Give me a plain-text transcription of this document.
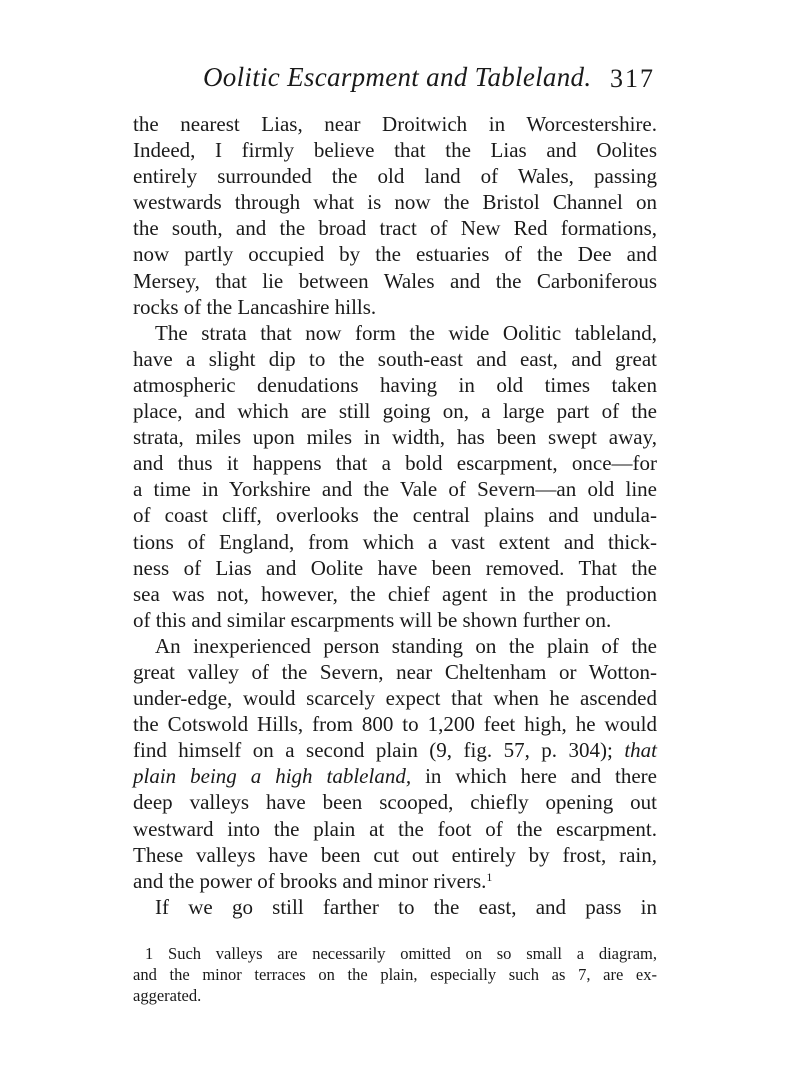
Oolitic Escarpment and Tableland. 317
the nearest Lias, near Droitwich in Worcestershire.
Indeed, I firmly believe that the Lias and Oolites
entirely surrounded the old land of Wales, passing
westwards through what is now the Bristol Channel on
the south, and the broad tract of New Red formations,
now partly occupied by the estuaries of the Dee and
Mersey, that lie between Wales and the Carboniferous
rocks of the Lancashire hills.
The strata that now form the wide Oolitic tableland,
have a slight dip to the south-east and east, and great
atmospheric denudations having in old times taken
place, and which are still going on, a large part of the
strata, miles upon miles in width, has been swept away,
and thus it happens that a bold escarpment, once—for
a time in Yorkshire and the Vale of Severn—an old line
of coast cliff, overlooks the central plains and undula-
tions of England, from which a vast extent and thick-
ness of Lias and Oolite have been removed. That the
sea was not, however, the chief agent in the production
of this and similar escarpments will be shown further on.
An inexperienced person standing on the plain of the
great valley of the Severn, near Cheltenham or Wotton-
under-edge, would scarcely expect that when he ascended
the Cotswold Hills, from 800 to 1,200 feet high, he would
find himself on a second plain (9, fig. 57, p. 304); that
plain being a high tableland, in which here and there
deep valleys have been scooped, chiefly opening out
westward into the plain at the foot of the escarpment.
These valleys have been cut out entirely by frost, rain,
and the power of brooks and minor rivers.$^1$
If we go still farther to the east, and pass in
1 Such valleys are necessarily omitted on so small a diagram,
and the minor terraces on the plain, especially such as 7, are ex-
aggerated.
